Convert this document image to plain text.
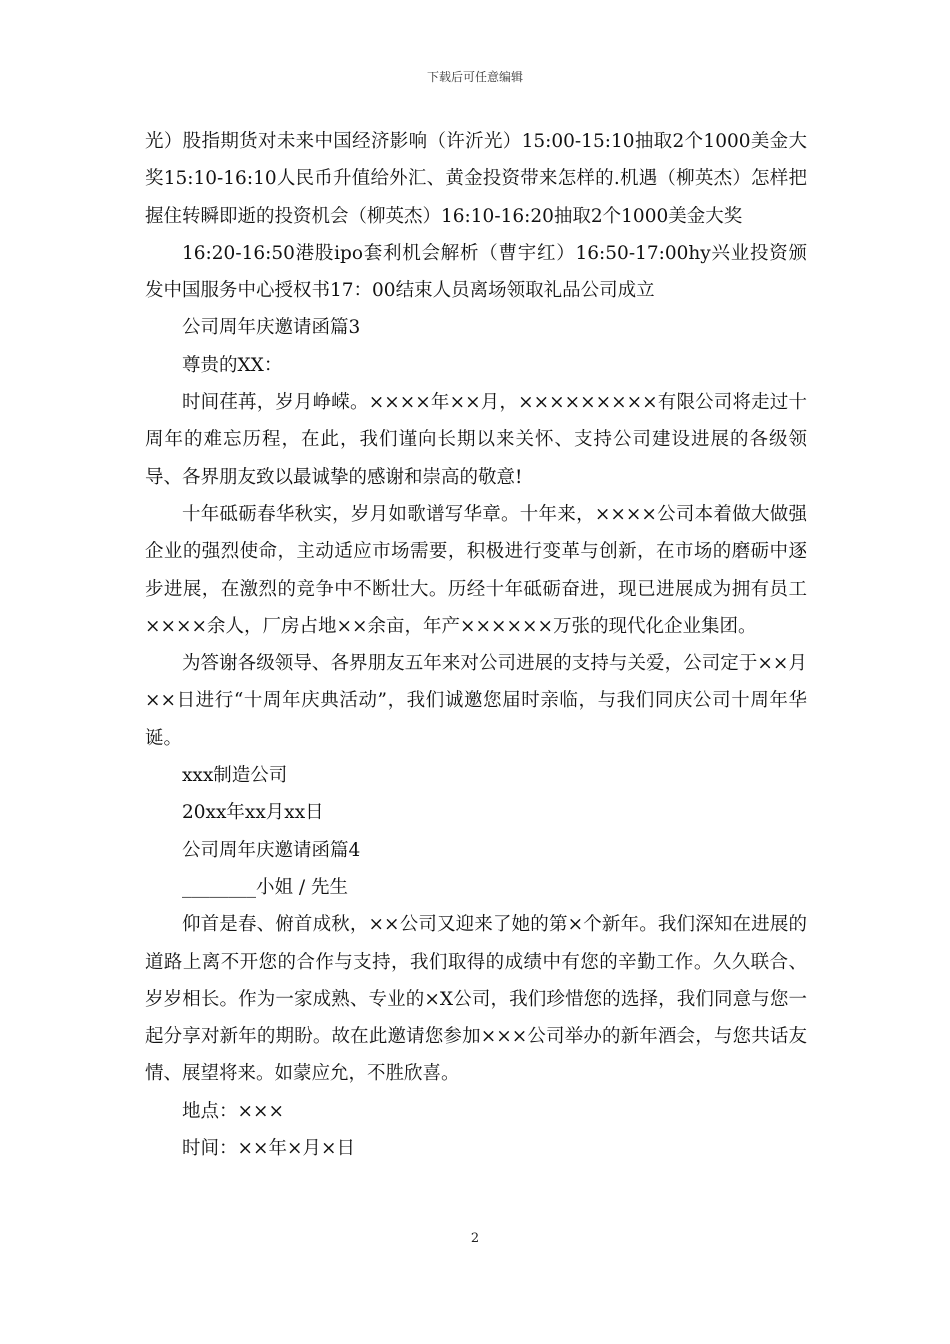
下载后可任意编辑

光）股指期货对未来中国经济影响（许沂光）15:00-15:10抽取2个1000美金大奖15:10-16:10人民币升值给外汇、黄金投资带来怎样的.机遇（柳英杰）怎样把握住转瞬即逝的投资机会（柳英杰）16:10-16:20抽取2个1000美金大奖

16:20-16:50港股ipo套利机会解析（曹宇红）16:50-17:00hy兴业投资颁发中国服务中心授权书17：00结束人员离场领取礼品公司成立

公司周年庆邀请函篇3

尊贵的XX：

时间荏苒，岁月峥嵘。××××年××月，×××××××××有限公司将走过十周年的难忘历程，在此，我们谨向长期以来关怀、支持公司建设进展的各级领导、各界朋友致以最诚挚的感谢和崇高的敬意!

十年砥砺春华秋实，岁月如歌谱写华章。十年来，××××公司本着做大做强企业的强烈使命，主动适应市场需要，积极进行变革与创新，在市场的磨砺中逐步进展，在激烈的竞争中不断壮大。历经十年砥砺奋进，现已进展成为拥有员工××××余人，厂房占地××余亩，年产××××××万张的现代化企业集团。

为答谢各级领导、各界朋友五年来对公司进展的支持与关爱，公司定于××月××日进行“十周年庆典活动”，我们诚邀您届时亲临，与我们同庆公司十周年华诞。

xxx制造公司

20xx年xx月xx日

公司周年庆邀请函篇4

________小姐 / 先生

仰首是春、俯首成秋，××公司又迎来了她的第×个新年。我们深知在进展的道路上离不开您的合作与支持，我们取得的成绩中有您的辛勤工作。久久联合、岁岁相长。作为一家成熟、专业的×X公司，我们珍惜您的选择，我们同意与您一起分享对新年的期盼。故在此邀请您参加×××公司举办的新年酒会，与您共话友情、展望将来。如蒙应允，不胜欣喜。

地点：×××

时间：××年×月×日

2
